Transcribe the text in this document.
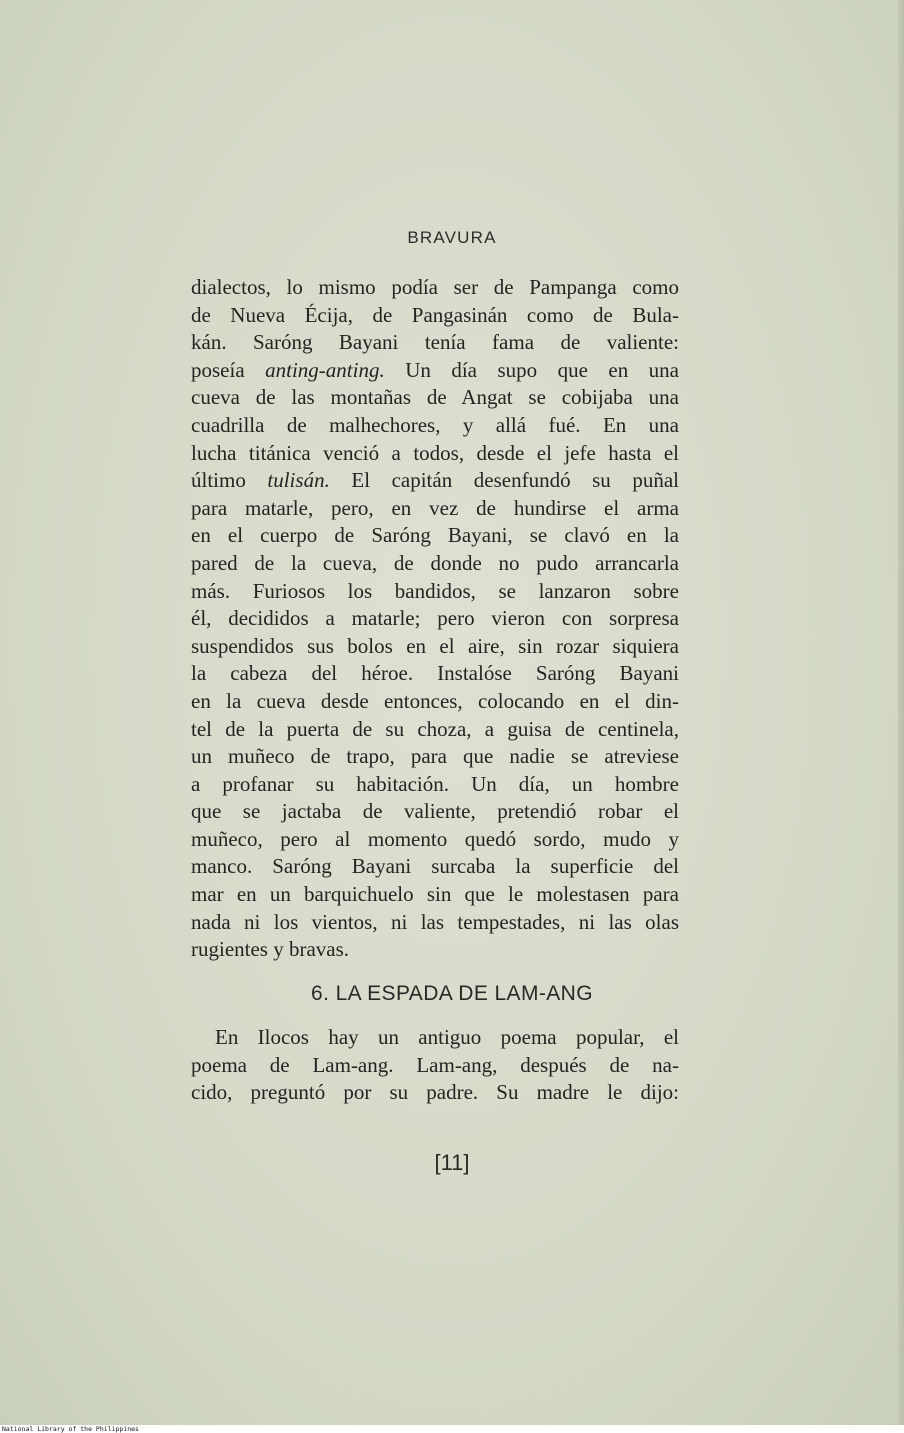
BRAVURA
dialectos, lo mismo podía ser de Pampanga como
de Nueva Écija, de Pangasinán como de Bula-
kán. Saróng Bayani tenía fama de valiente:
poseía anting-anting. Un día supo que en una
cueva de las montañas de Angat se cobijaba una
cuadrilla de malhechores, y allá fué. En una
lucha titánica venció a todos, desde el jefe hasta el
último tulisán. El capitán desenfundó su puñal
para matarle, pero, en vez de hundirse el arma
en el cuerpo de Saróng Bayani, se clavó en la
pared de la cueva, de donde no pudo arrancarla
más. Furiosos los bandidos, se lanzaron sobre
él, decididos a matarle; pero vieron con sorpresa
suspendidos sus bolos en el aire, sin rozar siquiera
la cabeza del héroe. Instalóse Saróng Bayani
en la cueva desde entonces, colocando en el din-
tel de la puerta de su choza, a guisa de centinela,
un muñeco de trapo, para que nadie se atreviese
a profanar su habitación. Un día, un hombre
que se jactaba de valiente, pretendió robar el
muñeco, pero al momento quedó sordo, mudo y
manco. Saróng Bayani surcaba la superficie del
mar en un barquichuelo sin que le molestasen para
nada ni los vientos, ni las tempestades, ni las olas
rugientes y bravas.
6. LA ESPADA DE LAM-ANG
En Ilocos hay un antiguo poema popular, el
poema de Lam-ang. Lam-ang, después de na-
cido, preguntó por su padre. Su madre le dijo:
[11]
National Library of the Philippines
